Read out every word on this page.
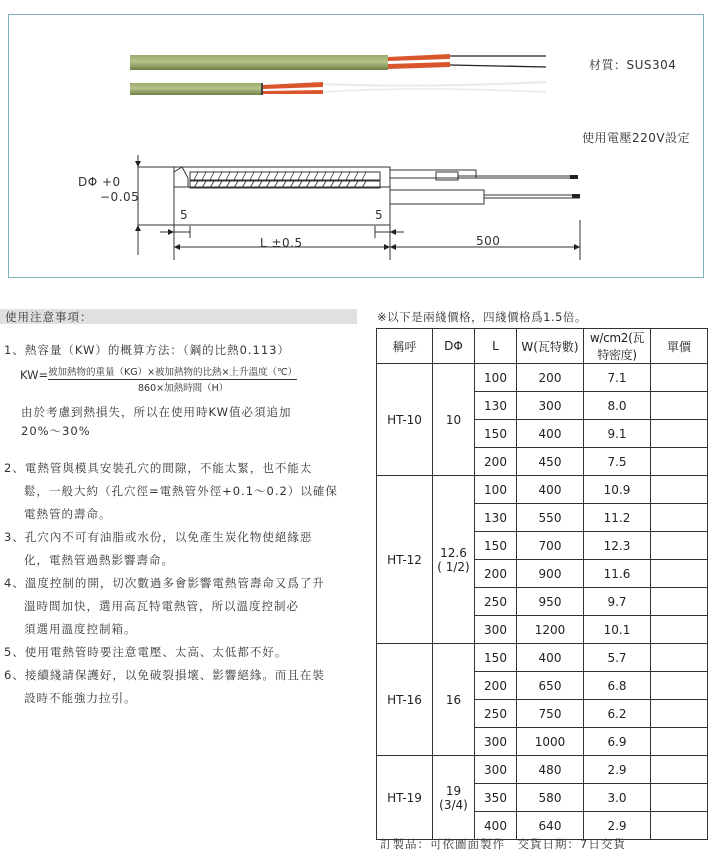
材質：SUS304
使用電壓220V設定
DΦ +0
−0.05
5	5
L ±0.5	500
使用注意事項：
1、熱容量（KW）的概算方法：（鋼的比熱0.113）
KW= 被加熱物的重量（KG）×被加熱物的比熱×上升溫度（℃）
860×加熱時間（H）
由於考慮到熱損失，所以在使用時KW值必須追加
20%～30%
2、電熱管與模具安裝孔穴的間隙，不能太緊，也不能太
鬆，一般大約（孔穴徑=電熱管外徑+0.1～0.2）以確保
電熱管的壽命。
3、孔穴內不可有油脂或水份，以免產生炭化物使絕緣惡
化，電熱管過熱影響壽命。
4、溫度控制的開，切次數過多會影響電熱管壽命又爲了升
溫時間加快，選用高瓦特電熱管，所以溫度控制必
須選用溫度控制箱。
5、使用電熱管時要注意電壓、太高、太低都不好。
6、接續綫請保護好，以免破裂損壞、影響絕緣。而且在裝
設時不能強力拉引。
※以下是兩綫價格，四綫價格爲1.5倍。
稱呼	DΦ	L	W(瓦特數)	w/cm2(瓦特密度)	單價
HT-10	10	100	200	7.1	
		130	300	8.0	
		150	400	9.1	
		200	450	7.5	
HT-12	12.6
( 1/2)	100	400	10.9	
		130	550	11.2	
		150	700	12.3	
		200	900	11.6	
		250	950	9.7	
		300	1200	10.1	
HT-16	16	150	400	5.7	
		200	650	6.8	
		250	750	6.2	
		300	1000	6.9	
HT-19	19
(3/4)	300	480	2.9	
		350	580	3.0	
		400	640	2.9	
訂製品：可依圖面製作　交貨日期：7日交貨
